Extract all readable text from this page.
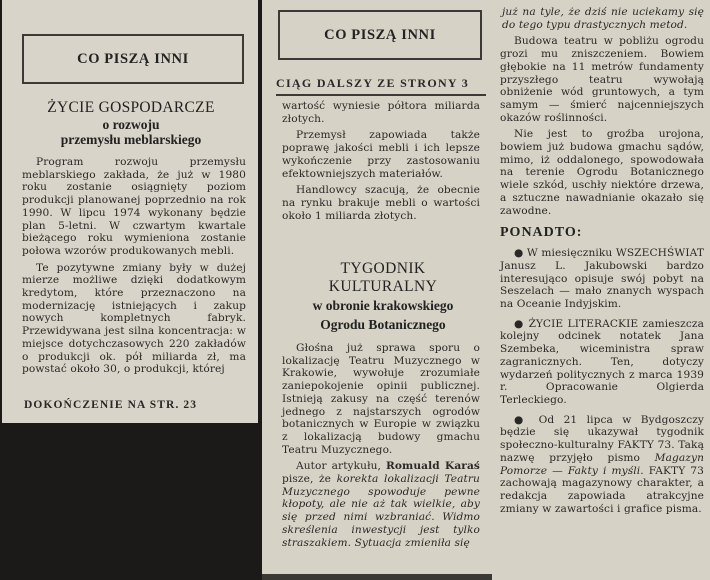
CO PISZĄ INNI
ŻYCIE GOSPODARCZE
o rozwoju
przemysłu meblarskiego

Program rozwoju przemysłu meblarskiego zakłada, że już w 1980 roku zostanie osiągnięty poziom produkcji planowanej poprzednio na rok 1990. W lipcu 1974 wykonany będzie plan 5-letni. W czwartym kwartale bieżącego roku wymieniona zostanie połowa wzorów produkowanych mebli.

Te pozytywne zmiany były w dużej mierze możliwe dzięki dodatkowym kredytom, które przeznaczono na modernizację istniejących i zakup nowych kompletnych fabryk. Przewidywana jest silna koncentracja: w miejsce dotychczasowych 220 zakładów o produkcji ok. pół miliarda zł, ma powstać około 30, o produkcji, której

DOKOŃCZENIE NA STR. 23

CO PISZĄ INNI
CIĄG DALSZY ZE STRONY 3

wartość wyniesie półtora miliarda złotych.

Przemysł zapowiada także poprawę jakości mebli i ich lepsze wykończenie przy zastosowaniu efektowniejszych materiałów.

Handlowcy szacują, że obecnie na rynku brakuje mebli o wartości około 1 miliarda złotych.

TYGODNIK
KULTURALNY
w obronie krakowskiego
Ogrodu Botanicznego

Głośna już sprawa sporu o lokalizację Teatru Muzycznego w Krakowie, wywołuje zrozumiałe zaniepokojenie opinii publicznej. Istnieją zakusy na część terenów jednego z najstarszych ogrodów botanicznych w Europie w związku z lokalizacją budowy gmachu Teatru Muzycznego.

Autor artykułu, Romuald Karaś pisze, że korekta lokalizacji Teatru Muzycznego spowoduje pewne kłopoty, ale nie aż tak wielkie, aby się przed nimi wzbraniać. Widmo skreślenia inwestycji jest tylko straszakiem. Sytuacja zmieniła się

już na tyle, że dziś nie uciekamy się do tego typu drastycznych metod.

Budowa teatru w pobliżu ogrodu grozi mu zniszczeniem. Bowiem głębokie na 11 metrów fundamenty przyszłego teatru wywołają obniżenie wód gruntowych, a tym samym — śmierć najcenniejszych okazów roślinności.

Nie jest to groźba urojona, bowiem już budowa gmachu sądów, mimo, iż oddalonego, spowodowała na terenie Ogrodu Botanicznego wiele szkód, uschły niektóre drzewa, a sztuczne nawadnianie okazało się zawodne.

PONADTO:

● W miesięczniku WSZECHŚWIAT Janusz L. Jakubowski bardzo interesująco opisuje swój pobyt na Seszelach — mało znanych wyspach na Oceanie Indyjskim.

● ŻYCIE LITERACKIE zamieszcza kolejny odcinek notatek Jana Szembeka, wiceministra spraw zagranicznych. Ten, dotyczy wydarzeń politycznych z marca 1939 r. Opracowanie Olgierda Terleckiego.

● Od 21 lipca w Bydgoszczy będzie się ukazywał tygodnik społeczno-kulturalny FAKTY 73. Taką nazwę przyjęło pismo Magazyn Pomorze — Fakty i myśli. FAKTY 73 zachowają magazynowy charakter, a redakcja zapowiada atrakcyjne zmiany w zawartości i grafice pisma.
